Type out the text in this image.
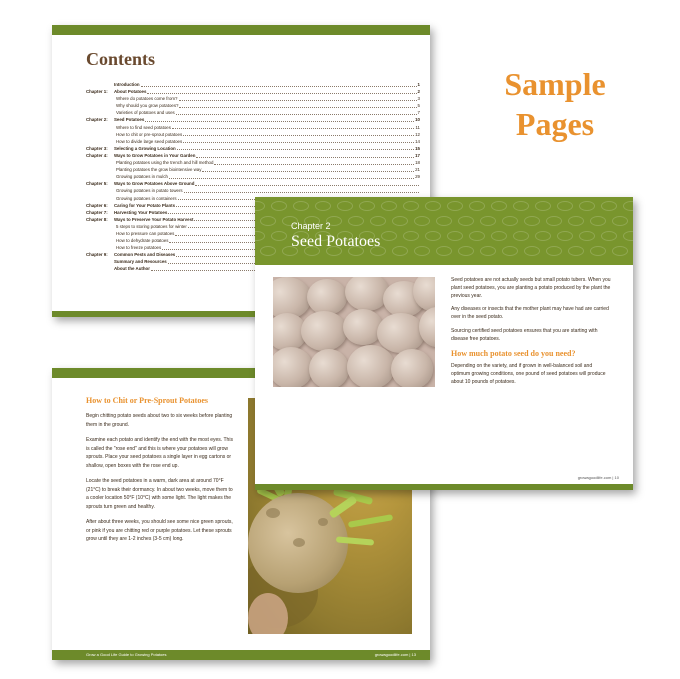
Sample
Pages
Contents
Introduction	1
Chapter 1:	About Potatoes	2
Where do potatoes come from?	3
Why should you grow potatoes?	5
Varieties of potatoes and uses	7
Chapter 2:	Seed Potatoes	10
Where to find seed potatoes	11
How to chit or pre-sprout potatoes	12
How to divide large seed potatoes	14
Chapter 3:	Selecting a Growing Location	15
Chapter 4:	Ways to Grow Potatoes in Your Garden	17
Planting potatoes using the trench and hill method	18
Planting potatoes the grow biointensive way	21
Growing potatoes in mulch	29
Chapter 5:	Ways to Grow Potatoes Above Ground
Growing potatoes in potato towers
Growing potatoes in containers
Chapter 6:	Caring for Your Potato Plants
Chapter 7:	Harvesting Your Potatoes
Chapter 8:	Ways to Preserve Your Potato Harvest
5 steps to storing potatoes for winter
How to pressure can potatoes
How to dehydrate potatoes
How to freeze potatoes
Chapter 9:	Common Pests and Diseases
Summary and Resources
About the Author
How to Chit or Pre-Sprout Potatoes

Begin chitting potato seeds about two to six weeks before planting them in the ground.

Examine each potato and identify the end with the most eyes. This is called the "rose end" and this is where your potatoes will grow sprouts. Place your seed potatoes a single layer in egg cartons or shallow, open boxes with the rose end up.

Locate the seed potatoes in a warm, dark area at around 70°F (21°C) to break their dormancy. In about two weeks, move them to a cooler location 50°F (10°C) with some light. The light makes the sprouts turn green and healthy.

After about three weeks, you should see some nice green sprouts, or pink if you are chitting red or purple potatoes. Let these sprouts grow until they are 1-2 inches (3-5 cm) long.

Grow a Good Life Guide to Growing Potatoes	growagoodlife.com | 13
Chapter 2
Seed Potatoes

Seed potatoes are not actually seeds but small potato tubers. When you plant seed potatoes, you are planting a potato produced by the plant the previous year.

Any diseases or insects that the mother plant may have had are carried over in the seed potato.

Sourcing certified seed potatoes ensures that you are starting with disease free potatoes.

How much potato seed do you need?

Depending on the variety, and if grown in well-balanced soil and optimum growing conditions, one pound of seed potatoes will produce about 10 pounds of potatoes.

growagoodlife.com | 10
